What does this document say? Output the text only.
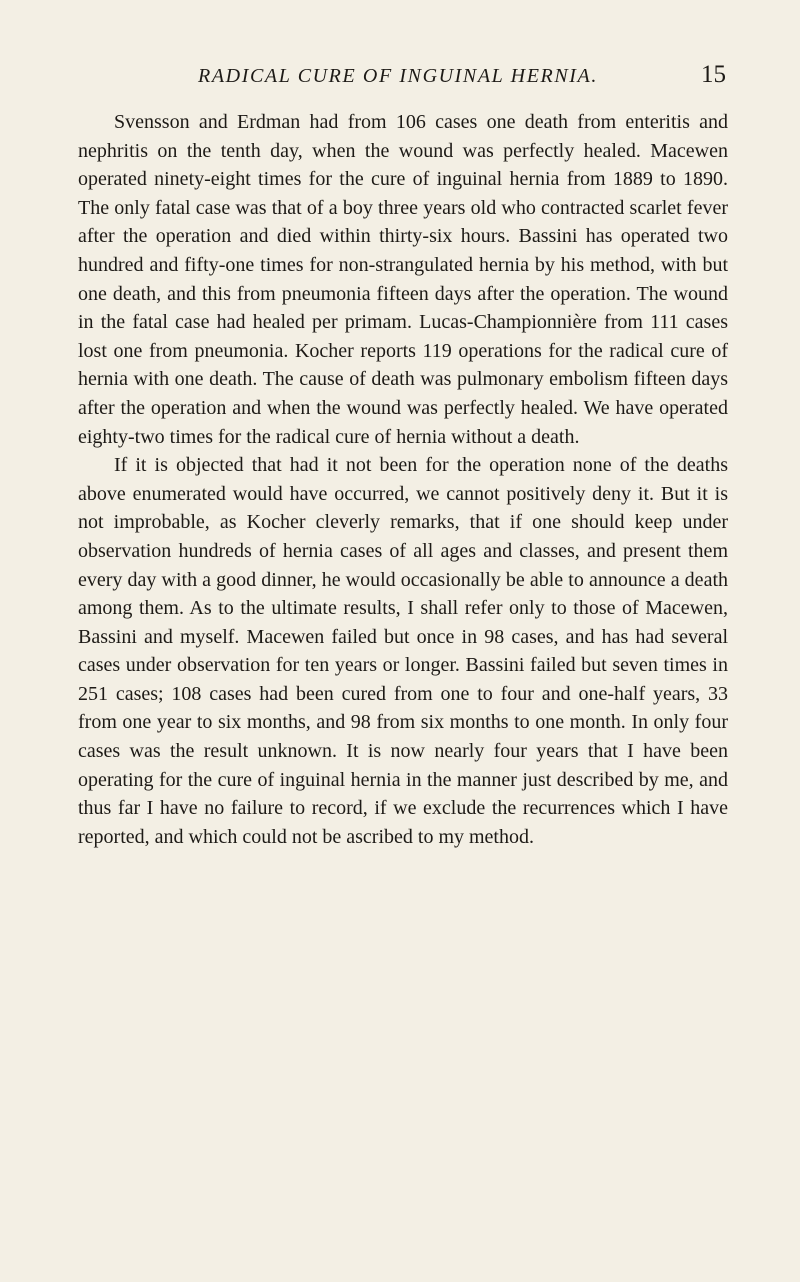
RADICAL CURE OF INGUINAL HERNIA.	15

Svensson and Erdman had from 106 cases one death from enteritis and nephritis on the tenth day, when the wound was perfectly healed. Macewen operated ninety-eight times for the cure of inguinal hernia from 1889 to 1890. The only fatal case was that of a boy three years old who contracted scarlet fever after the operation and died within thirty-six hours. Bassini has operated two hundred and fifty-one times for non-strangulated hernia by his method, with but one death, and this from pneumonia fifteen days after the operation. The wound in the fatal case had healed per primam. Lucas-Championnière from 111 cases lost one from pneumonia. Kocher reports 119 operations for the radical cure of hernia with one death. The cause of death was pulmonary embolism fifteen days after the operation and when the wound was perfectly healed. We have operated eighty-two times for the radical cure of hernia without a death.

If it is objected that had it not been for the operation none of the deaths above enumerated would have occurred, we cannot positively deny it. But it is not improbable, as Kocher cleverly remarks, that if one should keep under observation hundreds of hernia cases of all ages and classes, and present them every day with a good dinner, he would occasionally be able to announce a death among them. As to the ultimate results, I shall refer only to those of Macewen, Bassini and myself. Macewen failed but once in 98 cases, and has had several cases under observation for ten years or longer. Bassini failed but seven times in 251 cases; 108 cases had been cured from one to four and one-half years, 33 from one year to six months, and 98 from six months to one month. In only four cases was the result unknown. It is now nearly four years that I have been operating for the cure of inguinal hernia in the manner just described by me, and thus far I have no failure to record, if we exclude the recurrences which I have reported, and which could not be ascribed to my method.
